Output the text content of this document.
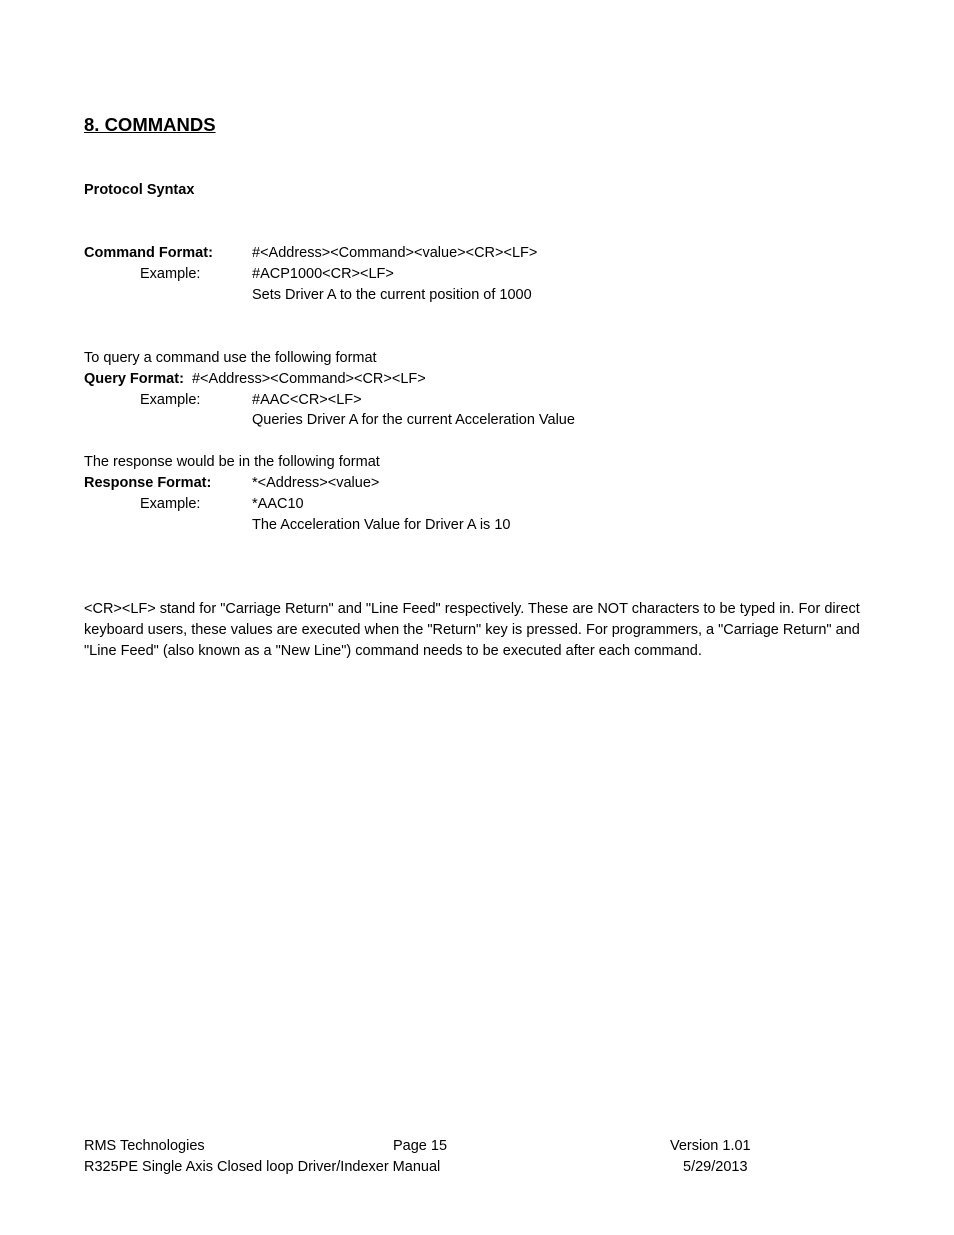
8. COMMANDS
Protocol Syntax
Command Format:	#<Address><Command><value><CR><LF>
Example:	#ACP1000<CR><LF>
Sets Driver A to the current position of 1000
To query a command use the following format
Query Format: #<Address><Command><CR><LF>
Example:	#AAC<CR><LF>
Queries Driver A for the current Acceleration Value
The response would be in the following format
Response Format:	*<Address><value>
Example:	*AAC10
The Acceleration Value for Driver A is 10
<CR><LF> stand for "Carriage Return" and "Line Feed" respectively. These are NOT characters to be typed in. For direct keyboard users, these values are executed when the "Return" key is pressed. For programmers, a "Carriage Return" and "Line Feed" (also known as a "New Line") command needs to be executed after each command.
RMS Technologies	Page 15	Version 1.01
R325PE Single Axis Closed loop Driver/Indexer Manual	5/29/2013
